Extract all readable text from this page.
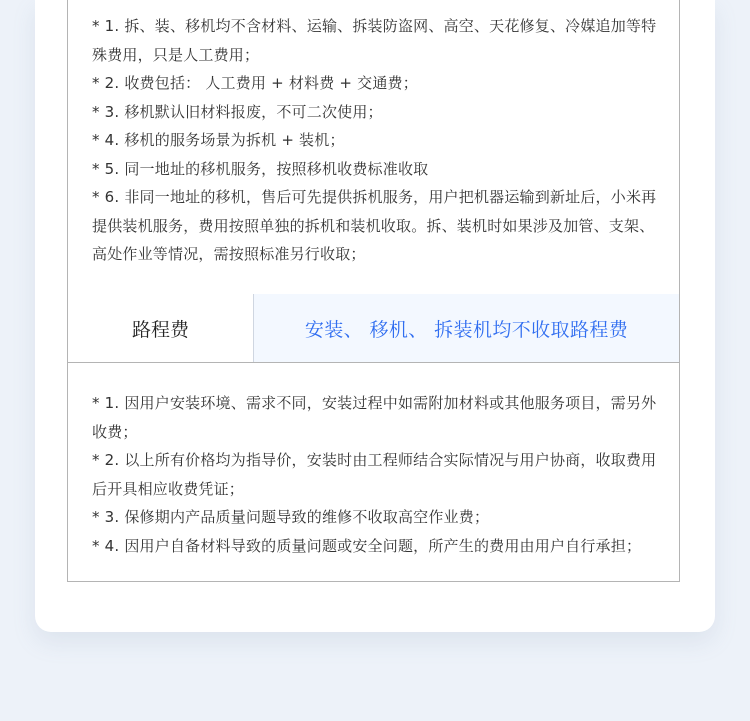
* 1. 拆、装、移机均不含材料、运输、拆装防盗网、高空、天花修复、冷媒追加等特殊费用，只是人工费用；
* 2. 收费包括： 人工费用 + 材料费 + 交通费；
* 3. 移机默认旧材料报废，不可二次使用；
* 4. 移机的服务场景为拆机 + 装机；
* 5. 同一地址的移机服务，按照移机收费标准收取
* 6. 非同一地址的移机，售后可先提供拆机服务，用户把机器运输到新址后，小米再提供装机服务，费用按照单独的拆机和装机收取。拆、装机时如果涉及加管、支架、高处作业等情况，需按照标准另行收取；
路程费	安装、 移机、 拆装机均不收取路程费
* 1. 因用户安装环境、需求不同，安装过程中如需附加材料或其他服务项目，需另外收费；
* 2. 以上所有价格均为指导价，安装时由工程师结合实际情况与用户协商，收取费用后开具相应收费凭证；
* 3. 保修期内产品质量问题导致的维修不收取高空作业费；
* 4. 因用户自备材料导致的质量问题或安全问题，所产生的费用由用户自行承担；
